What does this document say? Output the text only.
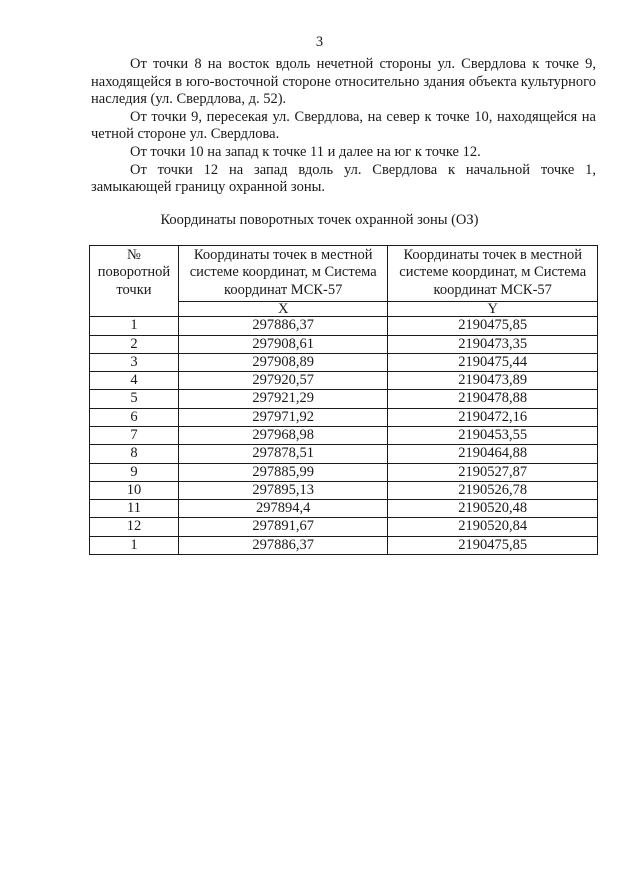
3

От точки 8 на восток вдоль нечетной стороны ул. Свердлова к точке 9, находящейся в юго-восточной стороне относительно здания объекта культурного наследия (ул. Свердлова, д. 52).

От точки 9, пересекая ул. Свердлова, на север к точке 10, находящейся на четной стороне ул. Свердлова.

От точки 10 на запад к точке 11 и далее на юг к точке 12.

От точки 12 на запад вдоль ул. Свердлова к начальной точке 1, замыкающей границу охранной зоны.

Координаты поворотных точек охранной зоны (ОЗ)
№ поворотной точки	Координаты точек в местной системе координат, м Система координат МСК-57	Координаты точек в местной системе координат, м Система координат МСК-57
	X	Y
1	297886,37	2190475,85
2	297908,61	2190473,35
3	297908,89	2190475,44
4	297920,57	2190473,89
5	297921,29	2190478,88
6	297971,92	2190472,16
7	297968,98	2190453,55
8	297878,51	2190464,88
9	297885,99	2190527,87
10	297895,13	2190526,78
11	297894,4	2190520,48
12	297891,67	2190520,84
1	297886,37	2190475,85
